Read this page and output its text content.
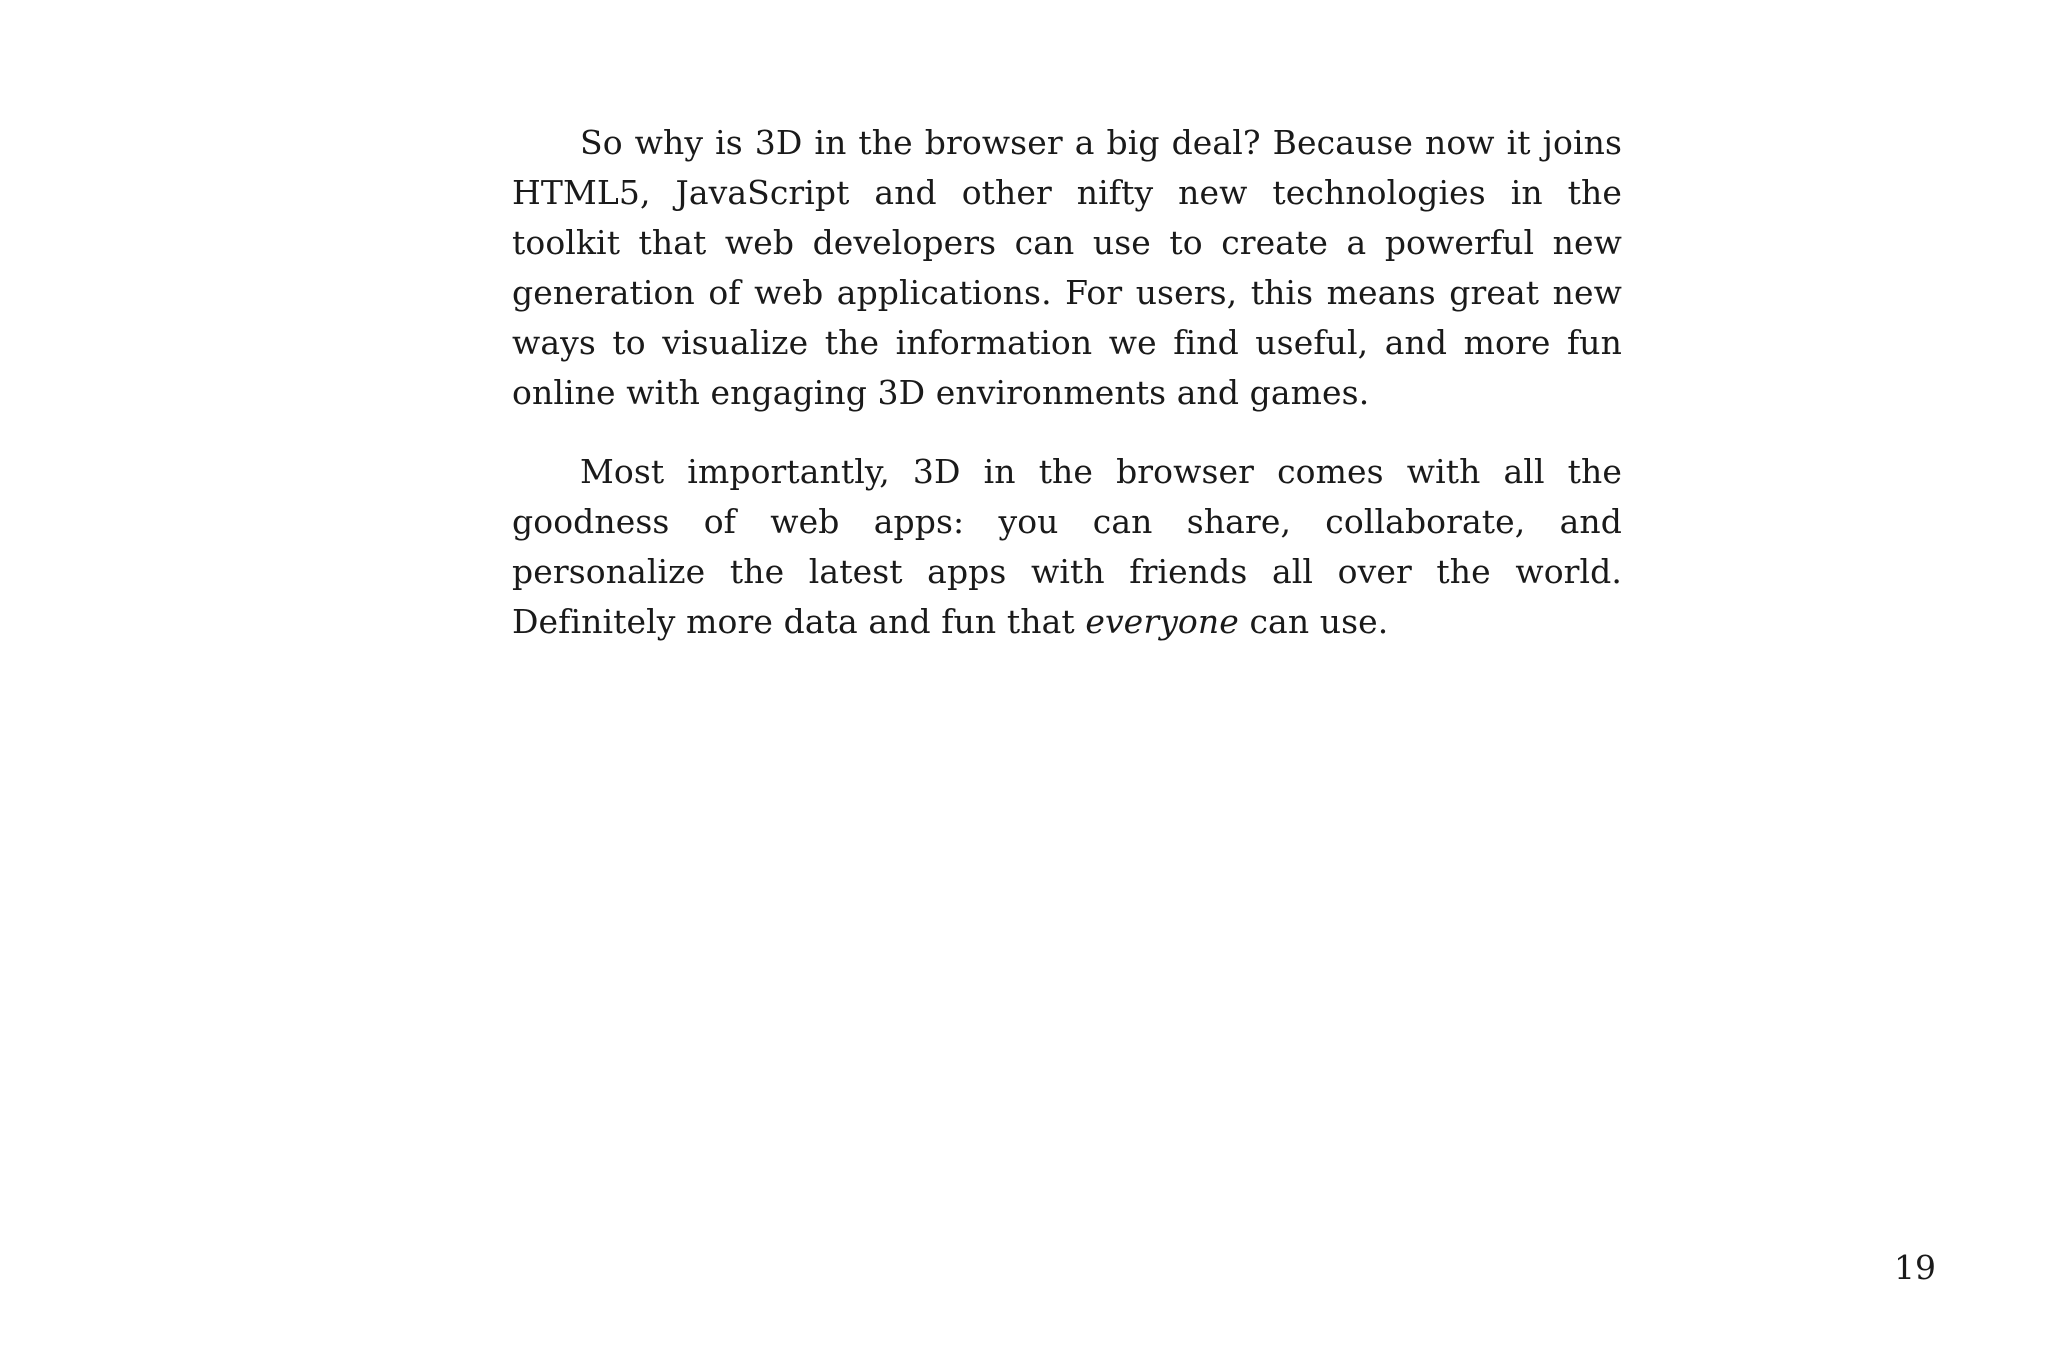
So why is 3D in the browser a big deal? Because now it joins HTML5, JavaScript and other nifty new technologies in the toolkit that web developers can use to create a powerful new generation of web applications. For users, this means great new ways to visualize the information we find useful, and more fun online with engaging 3D environments and games.

Most importantly, 3D in the browser comes with all the goodness of web apps: you can share, collaborate, and personalize the latest apps with friends all over the world. Definitely more data and fun that everyone can use.

19
